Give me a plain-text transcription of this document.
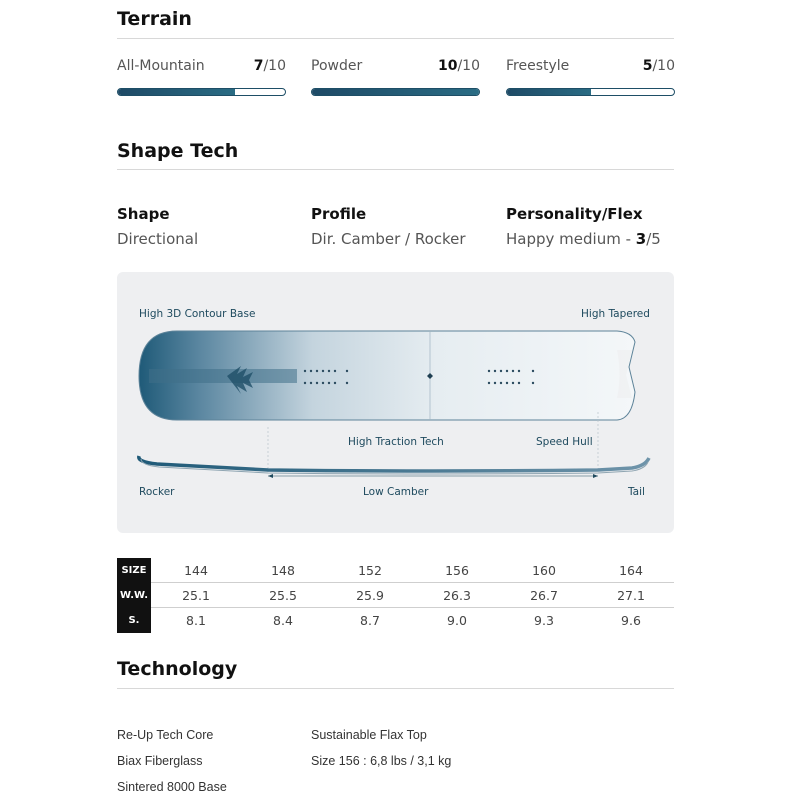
Terrain
All-Mountain	7/10 Powder	10/10 Freestyle	5/10
Shape Tech
Shape
Directional
Profile
Dir. Camber / Rocker
Personality/Flex
Happy medium - 3/5
High 3D Contour Base	High Tapered
High Traction Tech	Speed Hull
Rocker	Low Camber	Tail
SIZE	144	148	152	156	160	164
W.W.	25.1	25.5	25.9	26.3	26.7	27.1
S.	8.1	8.4	8.7	9.0	9.3	9.6
Technology
Re-Up Tech Core
Biax Fiberglass
Sintered 8000 Base
Sustainable Flax Top
Size 156 : 6,8 lbs / 3,1 kg
